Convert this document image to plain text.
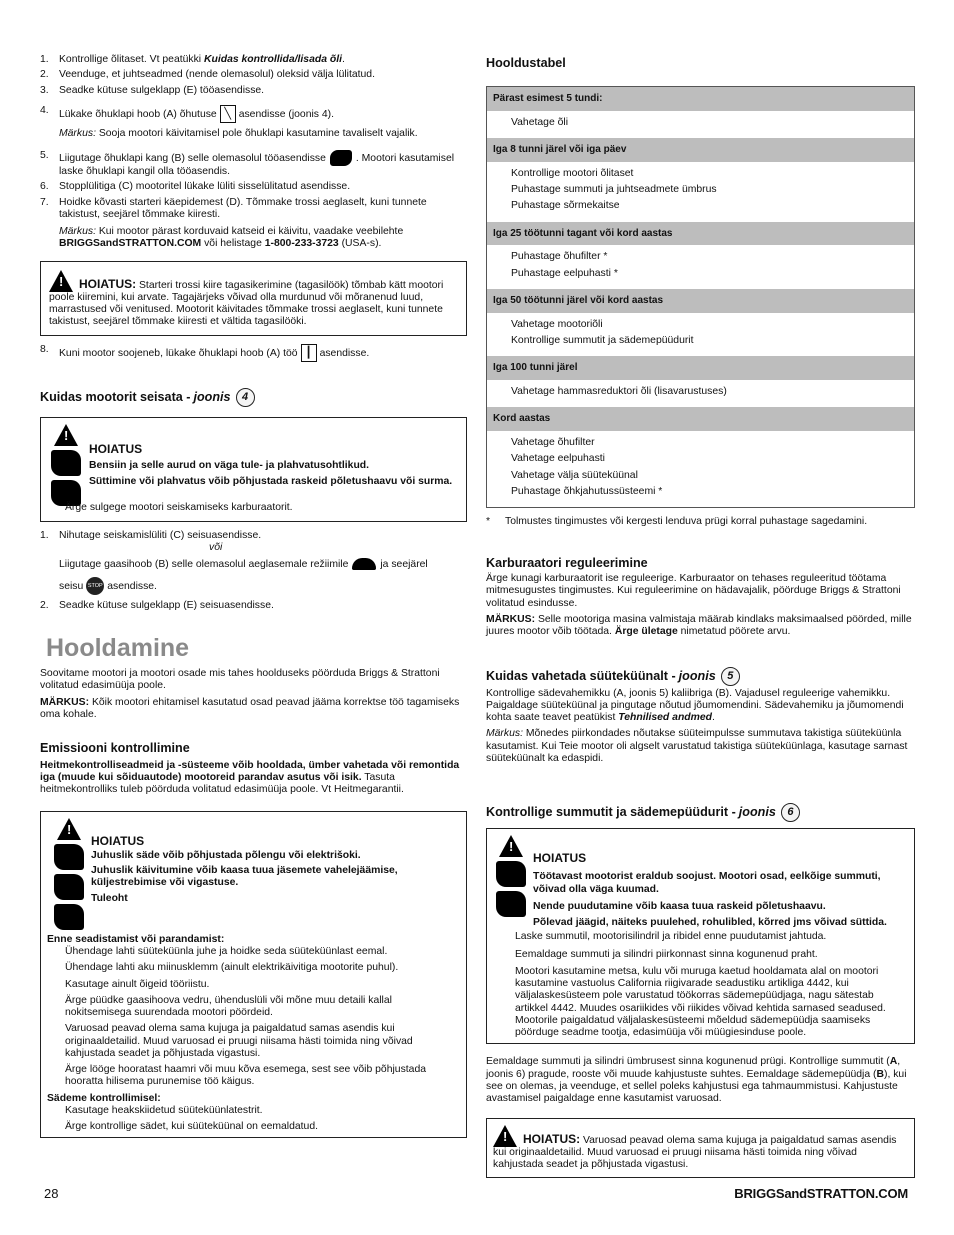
1. Kontrollige õlitaset. Vt peatükki Kuidas kontrollida/lisada õli.
2. Veenduge, et juhtseadmed (nende olemasolul) oleksid välja lülitatud.
3. Seadke kütuse sulgeklapp (E) tööasendisse.
4. Lükake õhuklapi hoob (A) õhutuse ╲ asendisse (joonis 4).

Märkus: Sooja mootori käivitamisel pole õhuklapi kasutamine tavaliselt vajalik.

5. Liigutage õhuklapi kang (B) selle olemasolul tööasendisse	. Mootori kasutamisel laske õhuklapi kangil olla tööasendis.
6. Stopplülitiga (C) mootoritel lükake lüliti sisselülitatud asendisse.
7. Hoidke kõvasti starteri käepidemest (D). Tõmmake trossi aeglaselt, kuni tunnete takistust, seejärel tõmmake kiiresti.

Märkus: Kui mootor pärast korduvaid katseid ei käivitu, vaadake veebilehte BRIGGSandSTRATTON.COM või helistage 1-800-233-3723 (USA-s).

!HOIATUS: Starteri trossi kiire tagasikerimine (tagasilöök) tõmbab kätt mootori poole kiiremini, kui arvate. Tagajärjeks võivad olla murdunud või mõranenud luud, marrastused või venitused. Mootorit käivitades tõmmake trossi aeglaselt, kuni tunnete takistust, seejärel tõmmake kiiresti et vältida tagasilööki.
8. Kuni mootor soojeneb, lükake õhuklapi hoob (A) töö ┃ asendisse.
Kuidas mootorit seisata - joonis	4
!

HOIATUS

Bensiin ja selle aurud on väga tule- ja plahvatusohtlikud.

Süttimine või plahvatus võib põhjustada raskeid põletushaavu või surma.

Ärge sulgege mootori seiskamiseks karburaatorit.

1. Nihutage seiskamislüliti (C) seisuasendisse.

või

Liigutage gaasihoob (B) selle olemasolul aeglasemale režiimile	ja seejärel

seisu STOP asendisse.

2. Seadke kütuse sulgeklapp (E) seisuasendisse.
Hooldamine

Soovitame mootori ja mootori osade mis tahes hoolduseks pöörduda Briggs & Strattoni volitatud edasimüüja poole.

MÄRKUS: Kõik mootori ehitamisel kasutatud osad peavad jääma korrektse töö tagamiseks oma kohale.

Emissiooni kontrollimine

Heitmekontrolliseadmeid ja -süsteeme võib hooldada, ümber vahetada või remontida iga (muude kui sõiduautode) mootoreid parandav asutus või isik. Tasuta heitmekontrolliks tuleb pöörduda volitatud edasimüüja poole. Vt Heitmegarantii.

!

HOIATUS

Juhuslik säde võib põhjustada põlengu või elektrišoki.

Juhuslik käivitumine võib kaasa tuua jäsemete vahelejäämise, küljestrebimise või vigastuse.

Tuleoht

Enne seadistamist või parandamist:

Ühendage lahti süüteküünla juhe ja hoidke seda süüteküünlast eemal.

Ühendage lahti aku miinusklemm (ainult elektrikäivitiga mootorite puhul).

Kasutage ainult õigeid tööriistu.

Ärge püüdke gaasihoova vedru, ühenduslüli või mõne muu detaili kallal nokitsemisega suurendada mootori pöördeid.

Varuosad peavad olema sama kujuga ja paigaldatud samas asendis kui originaaldetailid. Muud varuosad ei pruugi niisama hästi toimida ning võivad kahjustada seadet ja põhjustada vigastusi.

Ärge lööge hooratast haamri või muu kõva esemega, sest see võib põhjustada hooratta hilisema purunemise töö käigus.

Sädeme kontrollimisel:

Kasutage heakskiidetud süüteküünlatestrit.

Ärge kontrollige sädet, kui süüteküünal on eemaldatud.

Hooldustabel
Pärast esimest 5 tundi:
Vahetage õli
Iga 8 tunni järel või iga päev
Kontrollige mootori õlitaset
Puhastage summuti ja juhtseadmete ümbrus
Puhastage sõrmekaitse
Iga 25 töötunni tagant või kord aastas
Puhastage õhufilter *
Puhastage eelpuhasti *
Iga 50 töötunni järel või kord aastas
Vahetage mootoriõli
Kontrollige summutit ja sädemepüüdurit
Iga 100 tunni järel
Vahetage hammasreduktori õli (lisavarustuses)
Kord aastas
Vahetage õhufilter
Vahetage eelpuhasti
Vahetage välja süüteküünal
Puhastage õhkjahutussüsteemi *

*	Tolmustes tingimustes või kergesti lenduva prügi korral puhastage sagedamini.

Karburaatori reguleerimine

Ärge kunagi karburaatorit ise reguleerige. Karburaator on tehases reguleeritud töötama mitmesugustes tingimustes. Kui reguleerimine on hädavajalik, pöörduge Briggs & Strattoni volitatud esindusse.

MÄRKUS: Selle mootoriga masina valmistaja määrab kindlaks maksimaalsed pöörded, mille juures mootor võib töötada. Ärge ületage nimetatud pöörete arvu.

Kuidas vahetada süüteküünalt - joonis	5

Kontrollige sädevahemikku (A, joonis 5) kaliibriga (B). Vajadusel reguleerige vahemikku. Paigaldage süüteküünal ja pingutage nõutud jõumomendini. Sädevahemiku ja jõumomendi kohta saate teavet peatükist Tehnilised andmed.

Märkus: Mõnedes piirkondades nõutakse süüteimpulsse summutava takistiga süüteküünla kasutamist. Kui Teie mootor oli algselt varustatud takistiga süüteküünlaga, kasutage sarnast süüteküünalt ka edaspidi.

Kontrollige summutit ja sädemepüüdurit - joonis	6
!

HOIATUS

Töötavast mootorist eraldub soojust. Mootori osad, eelkõige summuti, võivad olla väga kuumad.

Nende puudutamine võib kaasa tuua raskeid põletushaavu.

Põlevad jäägid, näiteks puulehed, rohulibled, kõrred jms võivad süttida.

Laske summutil, mootorisilindril ja ribidel enne puudutamist jahtuda.

Eemaldage summuti ja silindri piirkonnast sinna kogunenud praht.

Mootori kasutamine metsa, kulu või muruga kaetud hooldamata alal on mootori kasutamine vastuolus California riigivarade seadustiku artikliga 4442, kui väljalaskesüsteem pole varustatud töökorras sädemepüüdjaga, nagu sätestab artikkel 4442. Muudes osariikides või riikides võivad kehtida sarnased seadused. Mootorile paigaldatud väljalaskesüsteemi mõeldud sädemepüüdja saamiseks pöörduge seadme tootja, edasimüüja või müügiesinduse poole.

Eemaldage summuti ja silindri ümbrusest sinna kogunenud prügi. Kontrollige summutit (A, joonis 6) pragude, rooste või muude kahjustuste suhtes. Eemaldage sädemepüüdja (B), kui see on olemas, ja veenduge, et sellel poleks kahjustusi ega tahmaummistusi. Kahjustuste avastamisel paigaldage enne kasutamist varuosad.

!HOIATUS: Varuosad peavad olema sama kujuga ja paigaldatud samas asendis kui originaaldetailid. Muud varuosad ei pruugi niisama hästi toimida ning võivad kahjustada seadet ja põhjustada vigastusi.
28	BRIGGSandSTRATTON.COM
